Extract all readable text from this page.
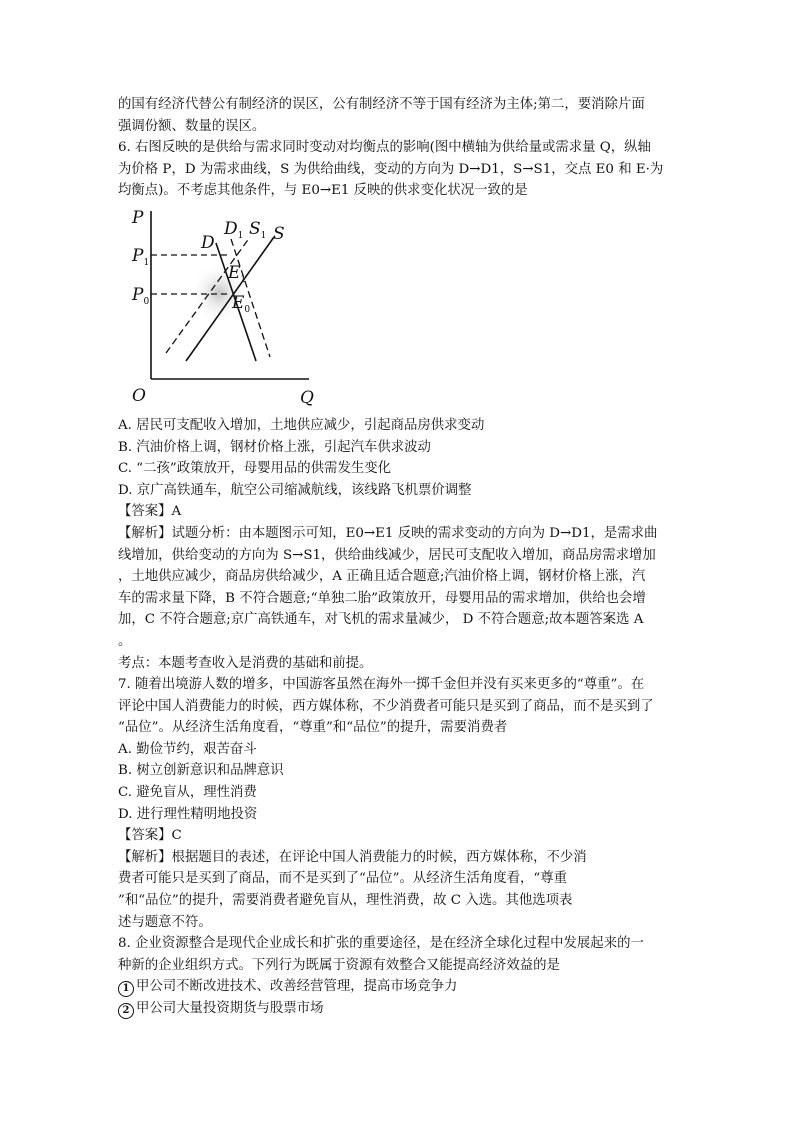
的国有经济代替公有制经济的误区，公有制经济不等于国有经济为主体;第二，要消除片面

强调份额、数量的误区。

6. 右图反映的是供给与需求同时变动对均衡点的影响(图中横轴为供给量或需求量 Q，纵轴

为价格 P，D 为需求曲线，S 为供给曲线，变动的方向为 D→D1，S→S1，交点 E0 和 E·为

均衡点)。不考虑其他条件，与 E0→E1 反映的供求变化状况一致的是

P
Q
O
$P_1$
$P_0$
D
$D_1$ $S_1$ S
$E_1$
$E_0$

A. 居民可支配收入增加，土地供应减少，引起商品房供求变动

B. 汽油价格上调，钢材价格上涨，引起汽车供求波动

C. “二孩”政策放开，母婴用品的供需发生变化

D. 京广高铁通车，航空公司缩减航线，该线路飞机票价调整

【答案】A

【解析】试题分析：由本题图示可知，E0→E1 反映的需求变动的方向为 D→D1，是需求曲

线增加，供给变动的方向为 S→S1，供给曲线减少，居民可支配收入增加，商品房需求增加

，土地供应减少，商品房供给减少，A 正确且适合题意;汽油价格上调，钢材价格上涨，汽

车的需求量下降，B 不符合题意;“单独二胎”政策放开，母婴用品的需求增加，供给也会增

加，C 不符合题意;京广高铁通车，对飞机的需求量减少， D 不符合题意;故本题答案选 A

。

考点：本题考查收入是消费的基础和前提。

7. 随着出境游人数的增多，中国游客虽然在海外一掷千金但并没有买来更多的“尊重”。在

评论中国人消费能力的时候，西方媒体称，不少消费者可能只是买到了商品，而不是买到了

“品位”。从经济生活角度看，“尊重”和“品位”的提升，需要消费者

A. 勤俭节约，艰苦奋斗

B. 树立创新意识和品牌意识

C. 避免盲从，理性消费

D. 进行理性精明地投资

【答案】C

【解析】根据题目的表述，在评论中国人消费能力的时候，西方媒体称，不少消

费者可能只是买到了商品，而不是买到了“品位”。从经济生活角度看，“尊重

”和“品位”的提升，需要消费者避免盲从，理性消费，故 C 入选。其他选项表

述与题意不符。

8. 企业资源整合是现代企业成长和扩张的重要途径，是在经济全球化过程中发展起来的一

种新的企业组织方式。下列行为既属于资源有效整合又能提高经济效益的是

1 甲公司不断改进技术、改善经营管理，提高市场竞争力

2 甲公司大量投资期货与股票市场
